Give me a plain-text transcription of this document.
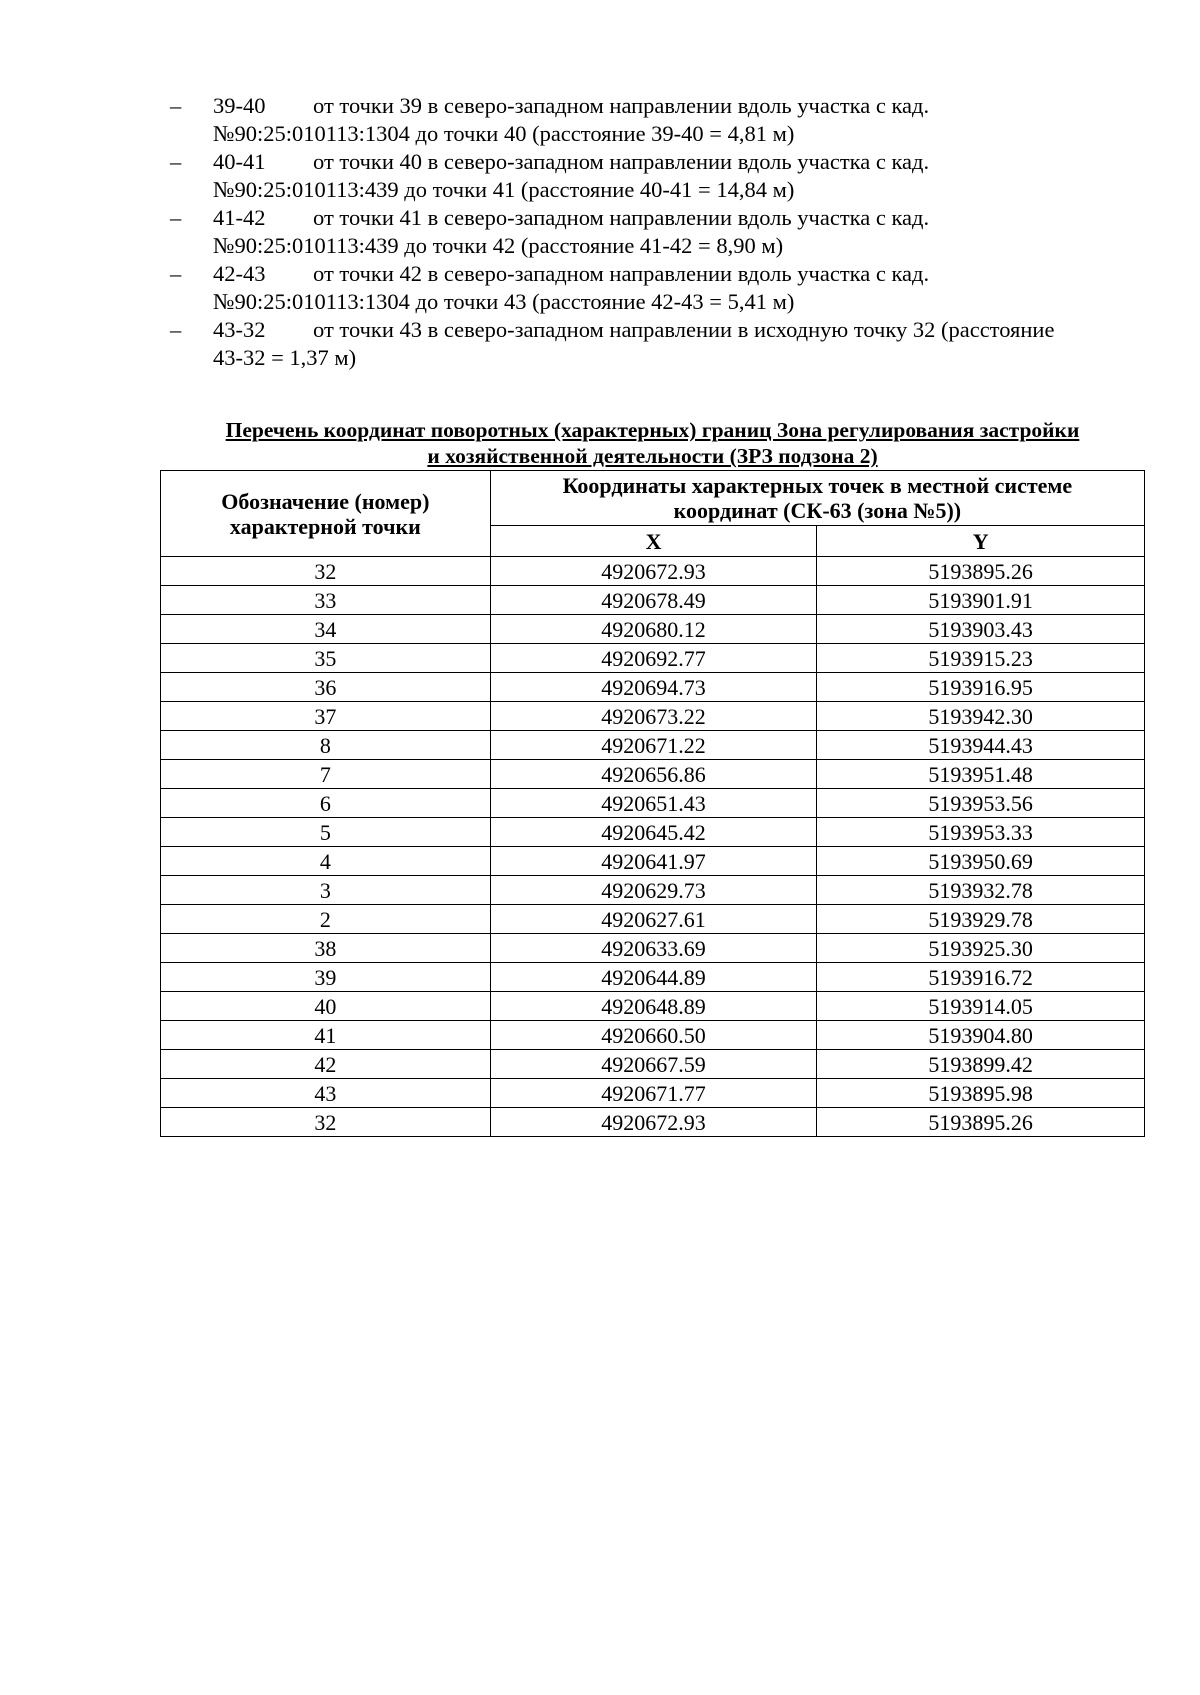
– 39-40 от точки 39 в северо-западном направлении вдоль участка с кад.
№90:25:010113:1304 до точки 40 (расстояние 39-40 = 4,81 м)
– 40-41 от точки 40 в северо-западном направлении вдоль участка с кад.
№90:25:010113:439 до точки 41 (расстояние 40-41 = 14,84 м)
– 41-42 от точки 41 в северо-западном направлении вдоль участка с кад.
№90:25:010113:439 до точки 42 (расстояние 41-42 = 8,90 м)
– 42-43 от точки 42 в северо-западном направлении вдоль участка с кад.
№90:25:010113:1304 до точки 43 (расстояние 42-43 = 5,41 м)
– 43-32 от точки 43 в северо-западном направлении в исходную точку 32 (расстояние
43-32 = 1,37 м)
Перечень координат поворотных (характерных) границ Зона регулирования застройки
и хозяйственной деятельности (ЗРЗ подзона 2)
Обозначение (номер) характерной точки	Координаты характерных точек в местной системе координат (СК-63 (зона №5))	
	X	Y
32	4920672.93	5193895.26
33	4920678.49	5193901.91
34	4920680.12	5193903.43
35	4920692.77	5193915.23
36	4920694.73	5193916.95
37	4920673.22	5193942.30
8	4920671.22	5193944.43
7	4920656.86	5193951.48
6	4920651.43	5193953.56
5	4920645.42	5193953.33
4	4920641.97	5193950.69
3	4920629.73	5193932.78
2	4920627.61	5193929.78
38	4920633.69	5193925.30
39	4920644.89	5193916.72
40	4920648.89	5193914.05
41	4920660.50	5193904.80
42	4920667.59	5193899.42
43	4920671.77	5193895.98
32	4920672.93	5193895.26
